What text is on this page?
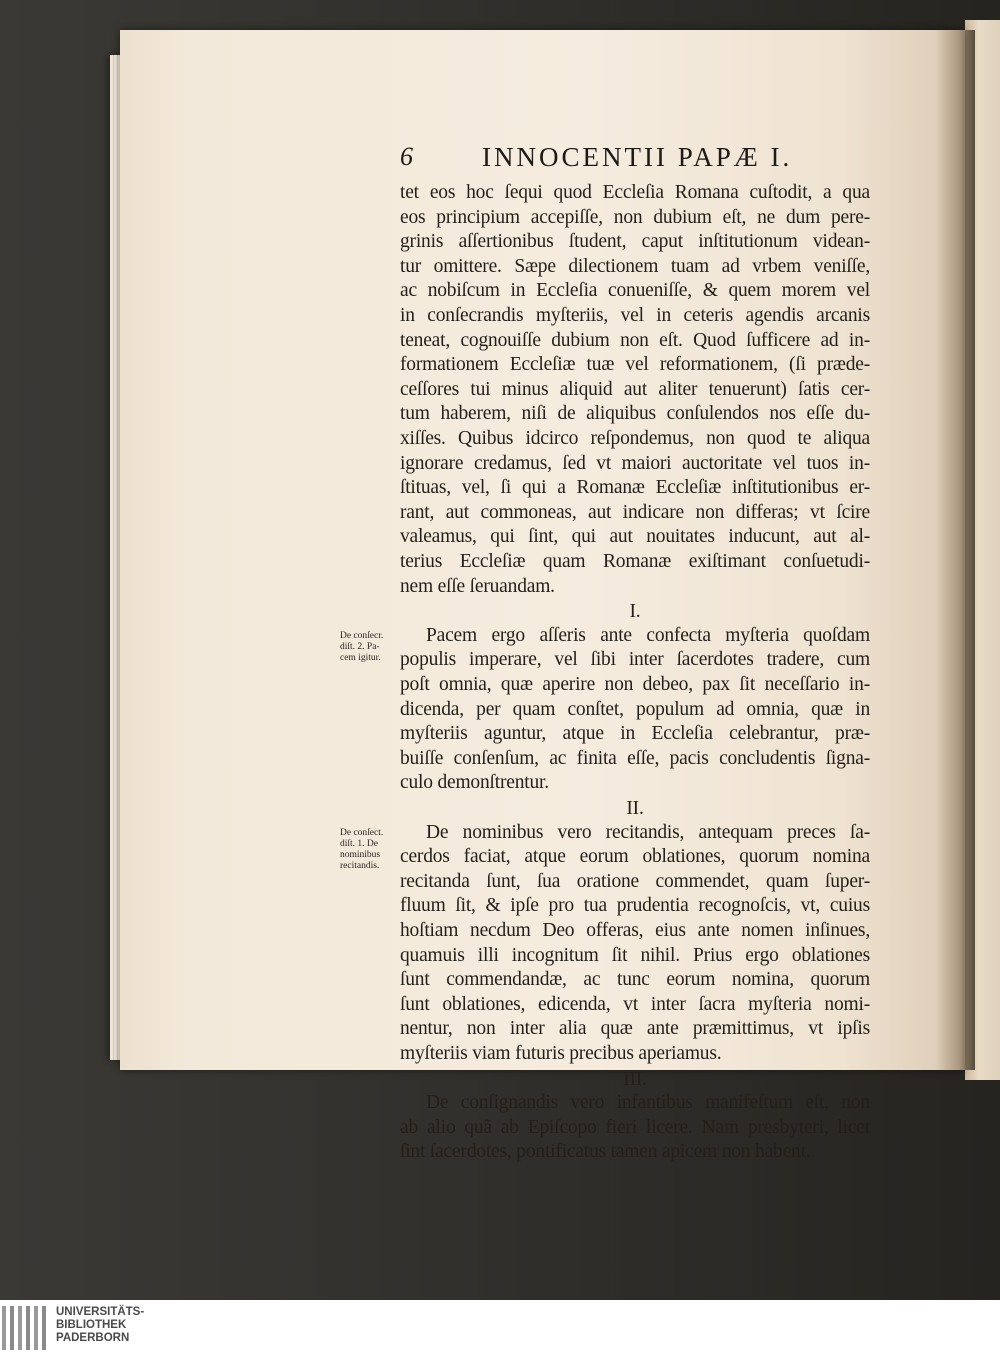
6	INNOCENTII PAPÆ I.
tet eos hoc ſequi quod Eccleſia Romana cuſtodit, a qua
eos principium accepiſſe, non dubium eſt, ne dum pere-
grinis aſſertionibus ſtudent, caput inſtitutionum videan-
tur omittere. Sæpe dilectionem tuam ad vrbem veniſſe,
ac nobiſcum in Eccleſia conueniſſe, & quem morem vel
in conſecrandis myſteriis, vel in ceteris agendis arcanis
teneat, cognouiſſe dubium non eſt. Quod ſufficere ad in-
formationem Eccleſiæ tuæ vel reformationem, (ſi præde-
ceſſores tui minus aliquid aut aliter tenuerunt) ſatis cer-
tum haberem, niſi de aliquibus conſulendos nos eſſe du-
xiſſes. Quibus idcirco reſpondemus, non quod te aliqua
ignorare credamus, ſed vt maiori auctoritate vel tuos in-
ſtituas, vel, ſi qui a Romanæ Eccleſiæ inſtitutionibus er-
rant, aut commoneas, aut indicare non differas; vt ſcire
valeamus, qui ſint, qui aut nouitates inducunt, aut al-
terius Eccleſiæ quam Romanæ exiſtimant conſuetudi-
nem eſſe ſeruandam.
I.
Pacem ergo aſſeris ante confecta myſteria quoſdam
populis imperare, vel ſibi inter ſacerdotes tradere, cum
poſt omnia, quæ aperire non debeo, pax ſit neceſſario in-
dicenda, per quam conſtet, populum ad omnia, quæ in
myſteriis aguntur, atque in Eccleſia celebrantur, præ-
buiſſe conſenſum, ac finita eſſe, pacis concludentis ſigna-
culo demonſtrentur.
II.
De nominibus vero recitandis, antequam preces ſa-
cerdos faciat, atque eorum oblationes, quorum nomina
recitanda ſunt, ſua oratione commendet, quam ſuper-
fluum ſit, & ipſe pro tua prudentia recognoſcis, vt, cuius
hoſtiam necdum Deo offeras, eius ante nomen inſinues,
quamuis illi incognitum ſit nihil. Prius ergo oblationes
ſunt commendandæ, ac tunc eorum nomina, quorum
ſunt oblationes, edicenda, vt inter ſacra myſteria nomi-
nentur, non inter alia quæ ante præmittimus, vt ipſis
myſteriis viam futuris precibus aperiamus.
III.
De conſignandis vero infantibus manifeſtum eſt, non
ab alio quã ab Epiſcopo fieri licere. Nam presbyteri, licet
ſint ſacerdotes, pontificatus tamen apicem non habent.
UNIVERSITÄTS-
BIBLIOTHEK
PADERBORN
De conſecr.
diſt. 2. Pa-
cem igitur.
De conſect.
diſt. 1. De
nominibus
recitandis.
